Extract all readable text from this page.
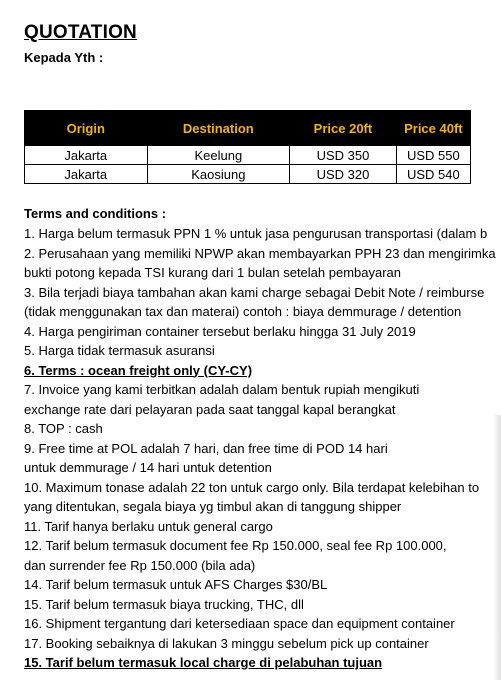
QUOTATION
Kepada Yth :
Origin	Destination	Price 20ft	Price 40ft
Jakarta	Keelung	USD 350	USD 550
Jakarta	Kaosiung	USD 320	USD 540
Terms and conditions :
1. Harga belum termasuk PPN 1 % untuk jasa pengurusan transportasi (dalam b
2. Perusahaan yang memiliki NPWP akan membayarkan PPH 23 dan mengirimka
bukti potong kepada TSI kurang dari 1 bulan setelah pembayaran
3. Bila terjadi biaya tambahan akan kami charge sebagai Debit Note / reimburse
(tidak menggunakan tax dan materai) contoh : biaya demmurage / detention
4. Harga pengiriman container tersebut berlaku hingga 31 July 2019
5. Harga tidak termasuk asuransi
6. Terms : ocean freight only (CY-CY)
7. Invoice yang kami terbitkan adalah dalam bentuk rupiah mengikuti
exchange rate dari pelayaran pada saat tanggal kapal berangkat
8. TOP : cash
9. Free time at POL adalah 7 hari, dan free time di POD 14 hari
untuk demmurage / 14 hari untuk detention
10. Maximum tonase adalah 22 ton untuk cargo only. Bila terdapat kelebihan to
yang ditentukan, segala biaya yg timbul akan di tanggung shipper
11. Tarif hanya berlaku untuk general cargo
12. Tarif belum termasuk document fee Rp 150.000, seal fee Rp 100.000,
dan surrender fee Rp 150.000 (bila ada)
14. Tarif belum termasuk untuk AFS Charges $30/BL
15. Tarif belum termasuk biaya trucking, THC, dll
16. Shipment tergantung dari ketersediaan space dan equipment container
17. Booking sebaiknya di lakukan 3 minggu sebelum pick up container
15. Tarif belum termasuk local charge di pelabuhan tujuan
